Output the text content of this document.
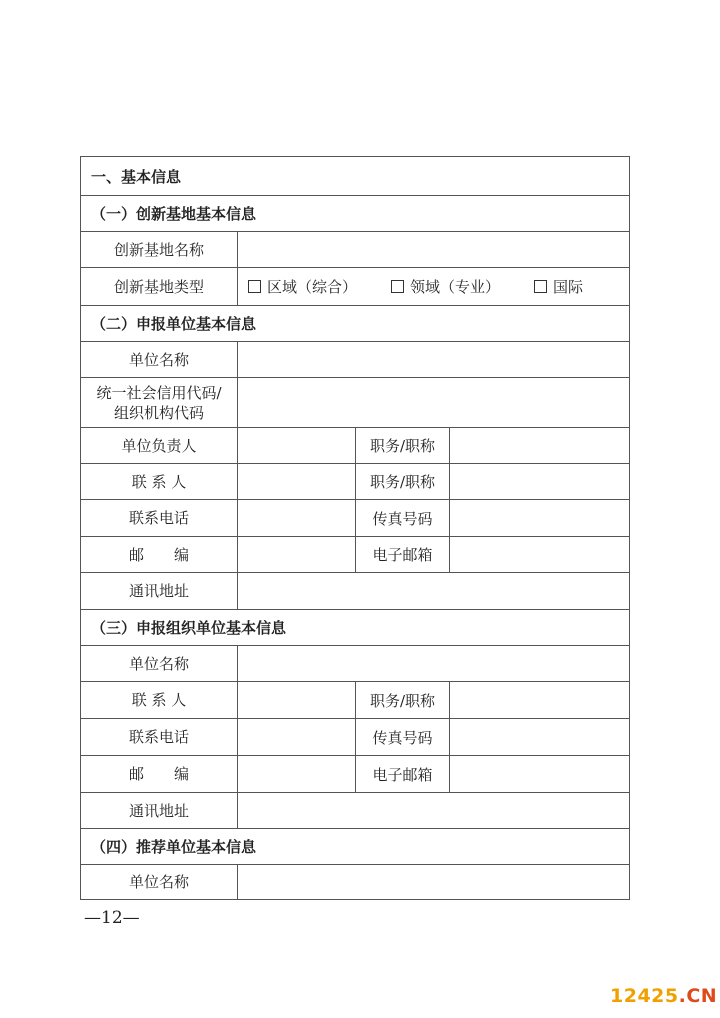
一、基本信息
（一）创新基地基本信息
创新基地名称
创新基地类型	区域（综合）	领域（专业）	国际
（二）申报单位基本信息
单位名称
统一社会信用代码/
组织机构代码
单位负责人	职务/职称
联 系 人	职务/职称
联系电话	传真号码
邮　　编	电子邮箱
通讯地址
（三）申报组织单位基本信息
单位名称
联 系 人	职务/职称
联系电话	传真号码
邮　　编	电子邮箱
通讯地址
（四）推荐单位基本信息
单位名称
—12—
12425.CN
